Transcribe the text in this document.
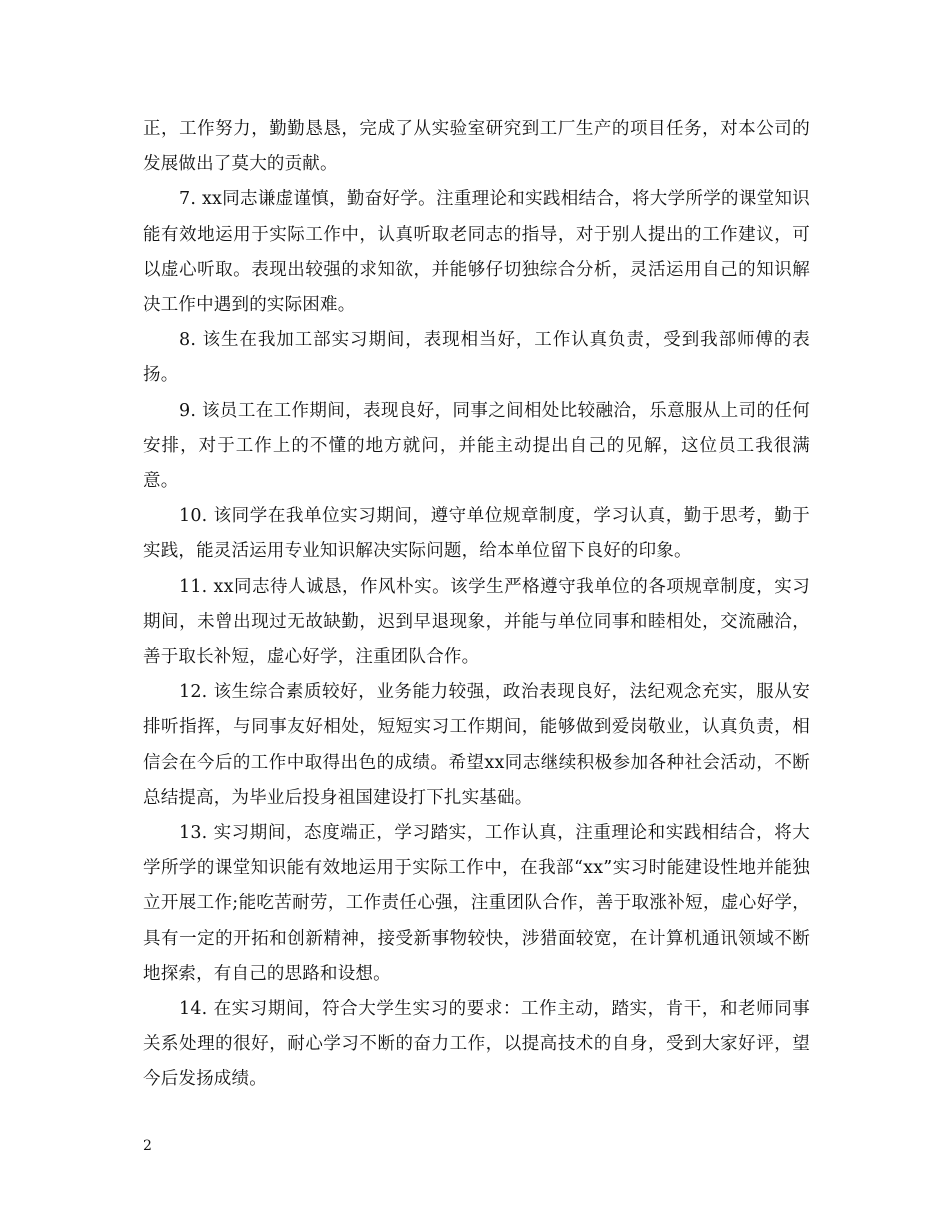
正，工作努力，勤勤恳恳，完成了从实验室研究到工厂生产的项目任务，对本公司的发展做出了莫大的贡献。

7. xx同志谦虚谨慎，勤奋好学。注重理论和实践相结合，将大学所学的课堂知识能有效地运用于实际工作中，认真听取老同志的指导，对于别人提出的工作建议，可以虚心听取。表现出较强的求知欲，并能够仔切独综合分析，灵活运用自己的知识解决工作中遇到的实际困难。

8. 该生在我加工部实习期间，表现相当好，工作认真负责，受到我部师傅的表扬。

9. 该员工在工作期间，表现良好，同事之间相处比较融洽，乐意服从上司的任何安排，对于工作上的不懂的地方就问，并能主动提出自己的见解，这位员工我很满意。

10. 该同学在我单位实习期间，遵守单位规章制度，学习认真，勤于思考，勤于实践，能灵活运用专业知识解决实际问题，给本单位留下良好的印象。

11. xx同志待人诚恳，作风朴实。该学生严格遵守我单位的各项规章制度，实习期间，未曾出现过无故缺勤，迟到早退现象，并能与单位同事和睦相处，交流融洽，善于取长补短，虚心好学，注重团队合作。

12. 该生综合素质较好，业务能力较强，政治表现良好，法纪观念充实，服从安排听指挥，与同事友好相处，短短实习工作期间，能够做到爱岗敬业，认真负责，相信会在今后的工作中取得出色的成绩。希望xx同志继续积极参加各种社会活动，不断总结提高，为毕业后投身祖国建设打下扎实基础。

13. 实习期间，态度端正，学习踏实，工作认真，注重理论和实践相结合，将大学所学的课堂知识能有效地运用于实际工作中，在我部“xx”实习时能建设性地并能独立开展工作;能吃苦耐劳，工作责任心强，注重团队合作，善于取涨补短，虚心好学，具有一定的开拓和创新精神，接受新事物较快，涉猎面较宽，在计算机通讯领域不断地探索，有自己的思路和设想。

14. 在实习期间，符合大学生实习的要求：工作主动，踏实，肯干，和老师同事关系处理的很好，耐心学习不断的奋力工作，以提高技术的自身，受到大家好评，望今后发扬成绩。

2
